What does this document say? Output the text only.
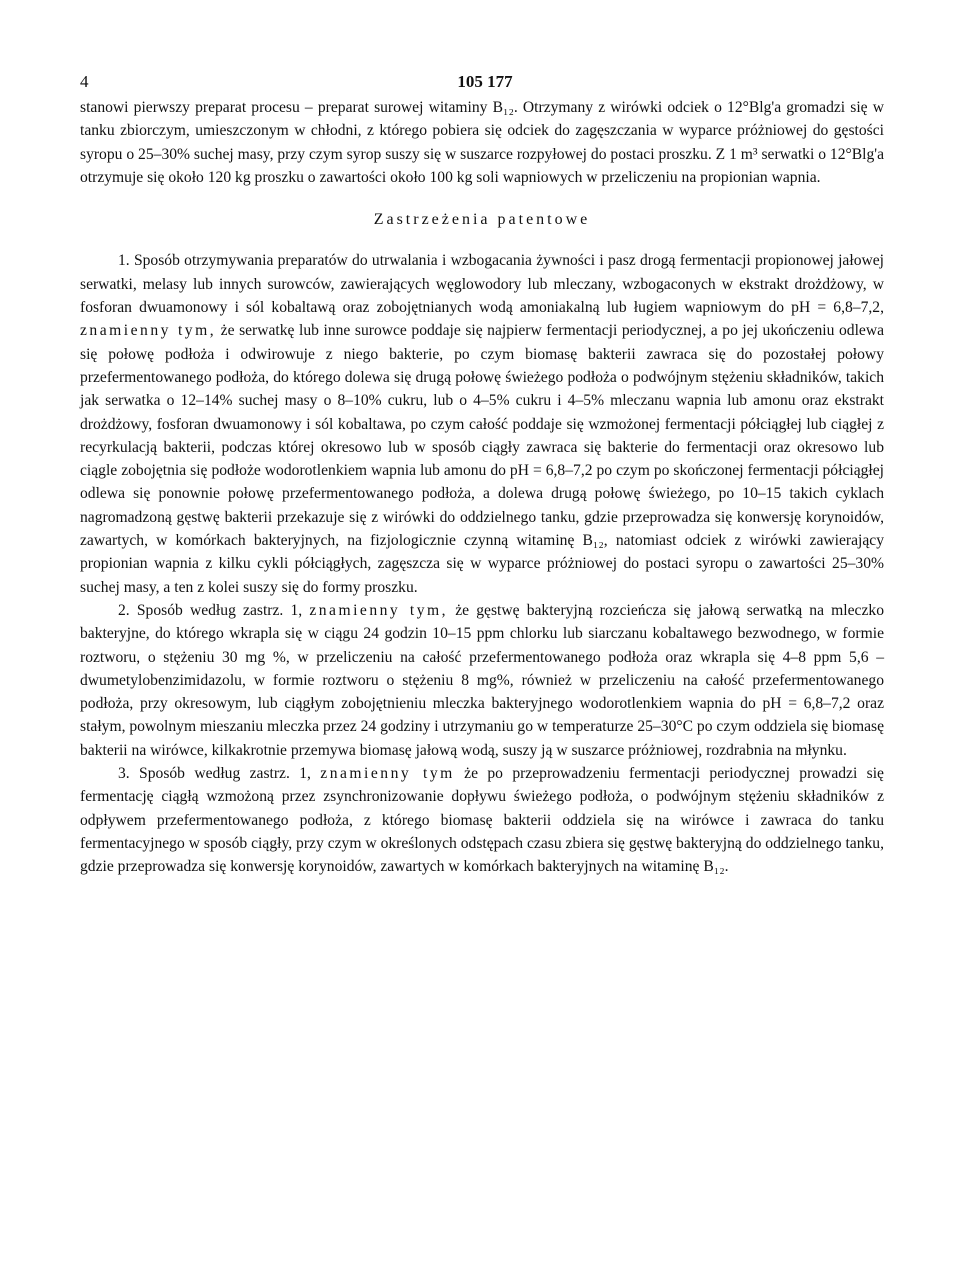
4	105 177

stanowi pierwszy preparat procesu – preparat surowej witaminy B₁₂. Otrzymany z wirówki odciek o 12°Blg'a gromadzi się w tanku zbiorczym, umieszczonym w chłodni, z którego pobiera się odciek do zagęszczania w wyparce próżniowej do gęstości syropu o 25–30% suchej masy, przy czym syrop suszy się w suszarce rozpyłowej do postaci proszku. Z 1 m³ serwatki o 12°Blg'a otrzymuje się około 120 kg proszku o zawartości około 100 kg soli wapniowych w przeliczeniu na propionian wapnia.

Zastrzeżenia patentowe

1. Sposób otrzymywania preparatów do utrwalania i wzbogacania żywności i pasz drogą fermentacji propionowej jałowej serwatki, melasy lub innych surowców, zawierających węglowodory lub mleczany, wzbogaconych w ekstrakt drożdżowy, w fosforan dwuamonowy i sól kobaltawą oraz zobojętnianych wodą amoniakalną lub ługiem wapniowym do pH = 6,8–7,2, znamienny tym, że serwatkę lub inne surowce poddaje się najpierw fermentacji periodycznej, a po jej ukończeniu odlewa się połowę podłoża i odwirowuje z niego bakterie, po czym biomasę bakterii zawraca się do pozostałej połowy przefermentowanego podłoża, do którego dolewa się drugą połowę świeżego podłoża o podwójnym stężeniu składników, takich jak serwatka o 12–14% suchej masy o 8–10% cukru, lub o 4–5% cukru i 4–5% mleczanu wapnia lub amonu oraz ekstrakt drożdżowy, fosforan dwuamonowy i sól kobaltawa, po czym całość poddaje się wzmożonej fermentacji półciągłej lub ciągłej z recyrkulacją bakterii, podczas której okresowo lub w sposób ciągły zawraca się bakterie do fermentacji oraz okresowo lub ciągle zobojętnia się podłoże wodorotlenkiem wapnia lub amonu do pH = 6,8–7,2 po czym po skończonej fermentacji półciągłej odlewa się ponownie połowę przefermentowanego podłoża, a dolewa drugą połowę świeżego, po 10–15 takich cyklach nagromadzoną gęstwę bakterii przekazuje się z wirówki do oddzielnego tanku, gdzie przeprowadza się konwersję korynoidów, zawartych, w komórkach bakteryjnych, na fizjologicznie czynną witaminę B₁₂, natomiast odciek z wirówki zawierający propionian wapnia z kilku cykli półciągłych, zagęszcza się w wyparce próżniowej do postaci syropu o zawartości 25–30% suchej masy, a ten z kolei suszy się do formy proszku.

2. Sposób według zastrz. 1, znamienny tym, że gęstwę bakteryjną rozcieńcza się jałową serwatką na mleczko bakteryjne, do którego wkrapla się w ciągu 24 godzin 10–15 ppm chlorku lub siarczanu kobaltawego bezwodnego, w formie roztworu, o stężeniu 30 mg %, w przeliczeniu na całość przefermentowanego podłoża oraz wkrapla się 4–8 ppm 5,6 – dwumetylobenzimidazolu, w formie roztworu o stężeniu 8 mg%, również w przeliczeniu na całość przefermentowanego podłoża, przy okresowym, lub ciągłym zobojętnieniu mleczka bakteryjnego wodorotlenkiem wapnia do pH = 6,8–7,2 oraz stałym, powolnym mieszaniu mleczka przez 24 godziny i utrzymaniu go w temperaturze 25–30°C po czym oddziela się biomasę bakterii na wirówce, kilkakrotnie przemywa biomasę jałową wodą, suszy ją w suszarce próżniowej, rozdrabnia na młynku.

3. Sposób według zastrz. 1, znamienny tym że po przeprowadzeniu fermentacji periodycznej prowadzi się fermentację ciągłą wzmożoną przez zsynchronizowanie dopływu świeżego podłoża, o podwójnym stężeniu składników z odpływem przefermentowanego podłoża, z którego biomasę bakterii oddziela się na wirówce i zawraca do tanku fermentacyjnego w sposób ciągły, przy czym w określonych odstępach czasu zbiera się gęstwę bakteryjną do oddzielnego tanku, gdzie przeprowadza się konwersję korynoidów, zawartych w komórkach bakteryjnych na witaminę B₁₂.
